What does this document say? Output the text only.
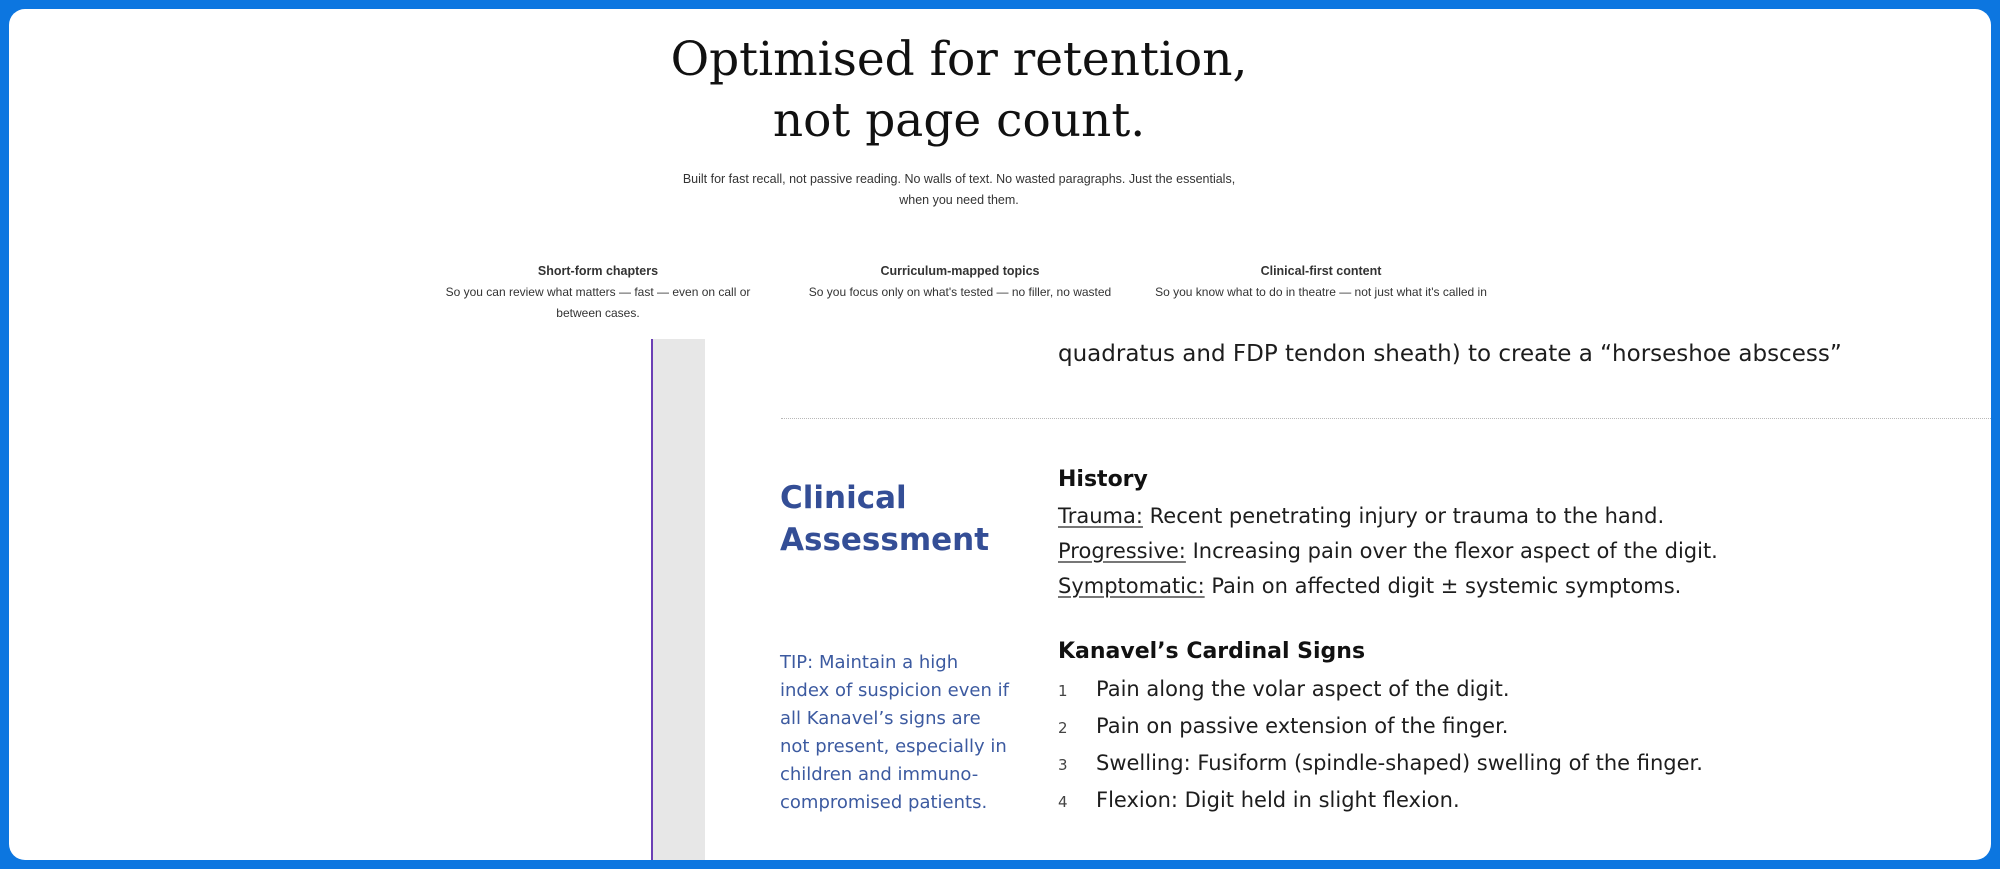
Optimised for retention,
not page count.

Built for fast recall, not passive reading. No walls of text. No wasted paragraphs. Just the essentials, when you need them.

Short-form chapters
So you can review what matters — fast — even on call or between cases.
Curriculum-mapped topics
So you focus only on what's tested — no filler, no wasted
Clinical-first content
So you know what to do in theatre — not just what it's called in
quadratus and FDP tendon sheath) to create a “horseshoe abscess”
Clinical
Assessment

TIP: Maintain a high index of suspicion even if all Kanavel’s signs are not present, especially in children and immuno-compromised patients.

History
Trauma: Recent penetrating injury or trauma to the hand.
Progressive: Increasing pain over the flexor aspect of the digit.
Symptomatic: Pain on affected digit ± systemic symptoms.
Kanavel’s Cardinal Signs
1 Pain along the volar aspect of the digit.
2 Pain on passive extension of the finger.
3 Swelling: Fusiform (spindle-shaped) swelling of the finger.
4 Flexion: Digit held in slight flexion.
